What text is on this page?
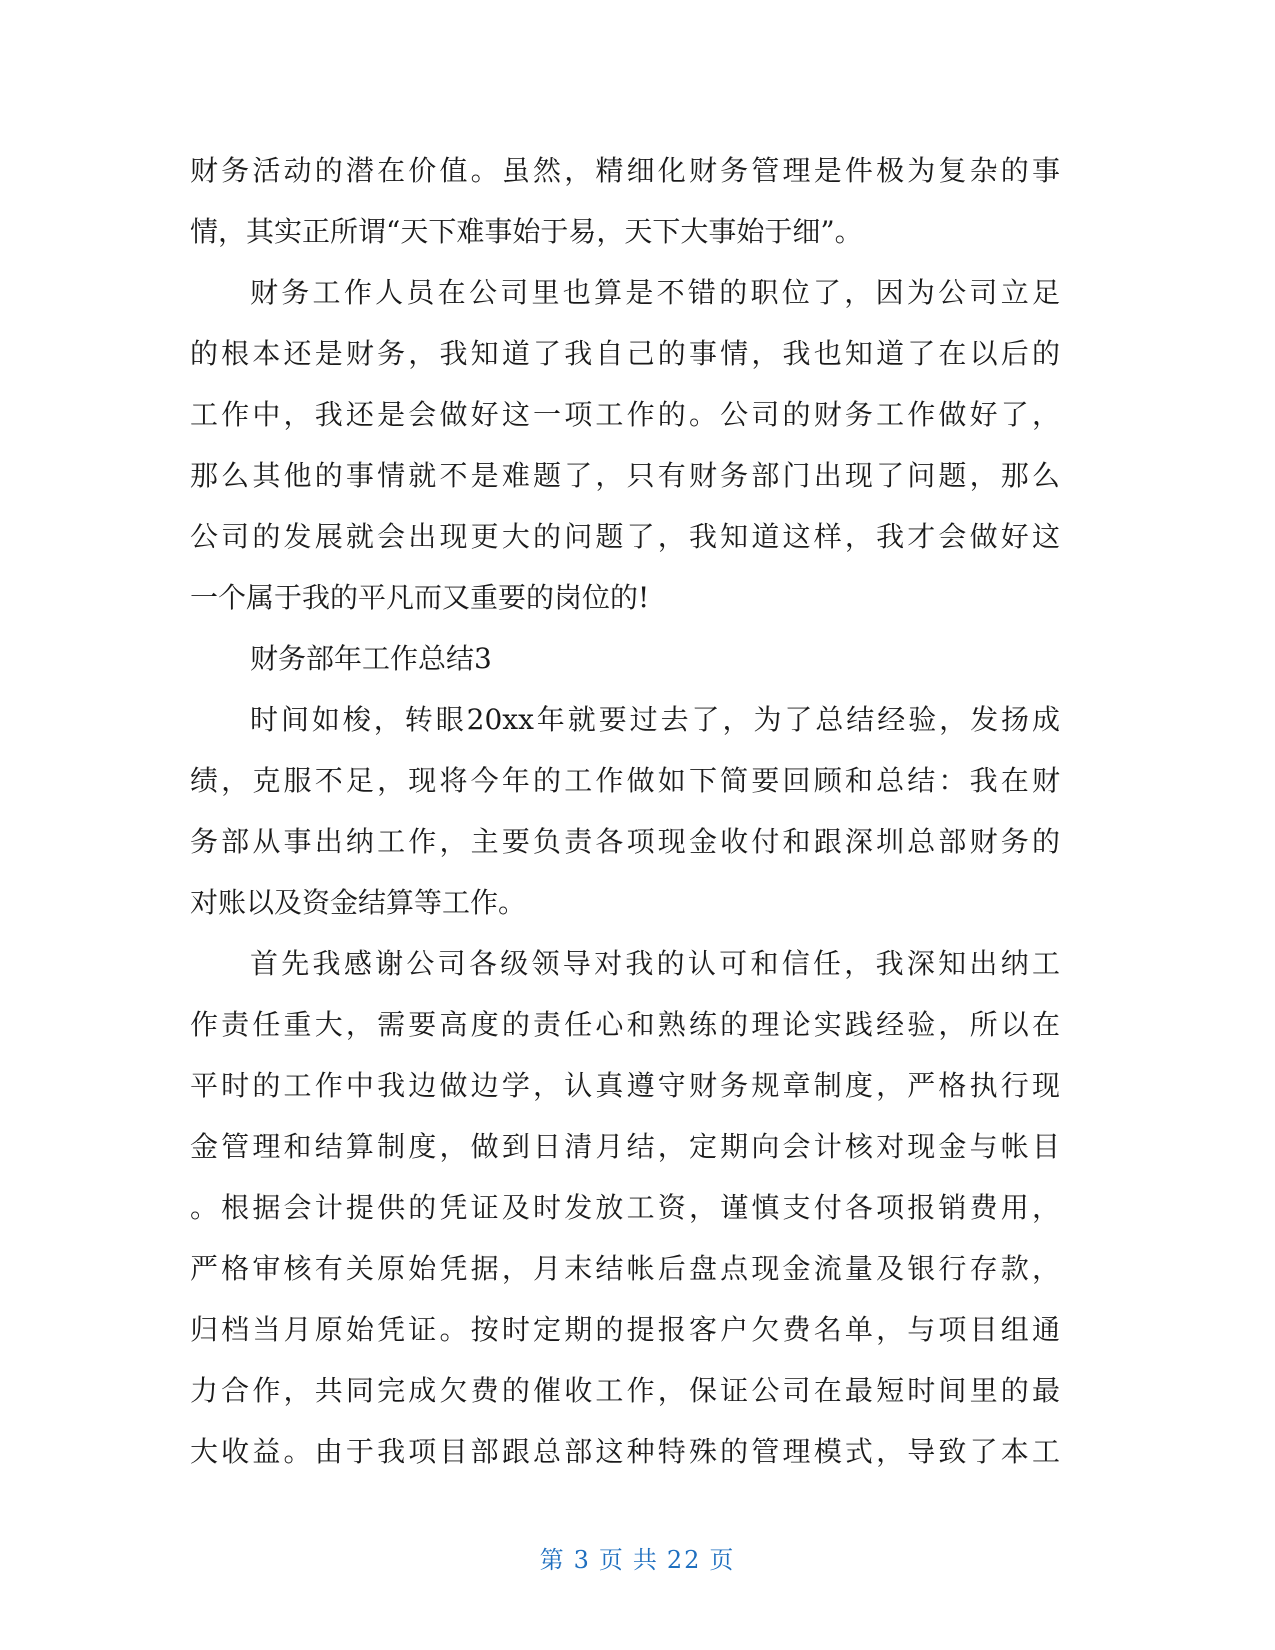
财务活动的潜在价值。虽然，精细化财务管理是件极为复杂的事
情，其实正所谓“天下难事始于易，天下大事始于细”。
财务工作人员在公司里也算是不错的职位了，因为公司立足
的根本还是财务，我知道了我自己的事情，我也知道了在以后的
工作中，我还是会做好这一项工作的。公司的财务工作做好了，
那么其他的事情就不是难题了，只有财务部门出现了问题，那么
公司的发展就会出现更大的问题了，我知道这样，我才会做好这
一个属于我的平凡而又重要的岗位的!
财务部年工作总结3
时间如梭，转眼20xx年就要过去了，为了总结经验，发扬成
绩，克服不足，现将今年的工作做如下简要回顾和总结：我在财
务部从事出纳工作，主要负责各项现金收付和跟深圳总部财务的
对账以及资金结算等工作。
首先我感谢公司各级领导对我的认可和信任，我深知出纳工
作责任重大，需要高度的责任心和熟练的理论实践经验，所以在
平时的工作中我边做边学，认真遵守财务规章制度，严格执行现
金管理和结算制度，做到日清月结，定期向会计核对现金与帐目
。根据会计提供的凭证及时发放工资，谨慎支付各项报销费用，
严格审核有关原始凭据，月末结帐后盘点现金流量及银行存款，
归档当月原始凭证。按时定期的提报客户欠费名单，与项目组通
力合作，共同完成欠费的催收工作，保证公司在最短时间里的最
大收益。由于我项目部跟总部这种特殊的管理模式，导致了本工
第 3 页 共 22 页
